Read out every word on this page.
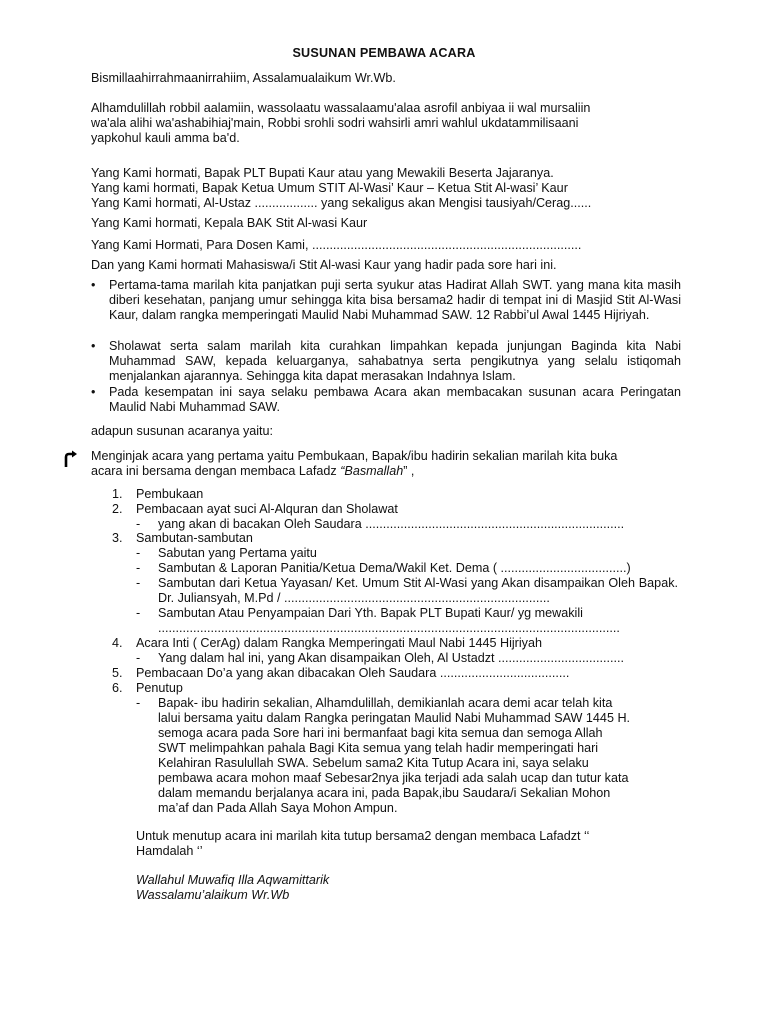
SUSUNAN PEMBAWA ACARA
Bismillaahirrahmaanirrahiim, Assalamualaikum Wr.Wb.
Alhamdulillah robbil aalamiin, wassolaatu wassalaamu'alaa asrofil anbiyaa ii wal mursaliin
wa'ala alihi wa'ashabihiaj'main, Robbi srohli sodri wahsirli amri wahlul ukdatammilisaani
yapkohul kauli amma ba'd.
Yang Kami hormati, Bapak PLT Bupati Kaur atau yang Mewakili Beserta Jajaranya.
Yang kami hormati, Bapak Ketua Umum STIT Al-Wasi’ Kaur – Ketua Stit Al-wasi’ Kaur
Yang Kami hormati, Al-Ustaz .................. yang sekaligus akan Mengisi tausiyah/Cerag......
Yang Kami hormati, Kepala BAK Stit Al-wasi Kaur
Yang Kami Hormati, Para Dosen Kami, .............................................................................
Dan yang Kami hormati Mahasiswa/i Stit Al-wasi Kaur yang hadir pada sore hari ini.
• Pertama-tama marilah kita panjatkan puji serta syukur atas Hadirat Allah SWT. yang mana kita masih diberi kesehatan, panjang umur sehingga kita bisa bersama2 hadir di tempat ini di Masjid Stit Al-Wasi Kaur, dalam rangka memperingati Maulid Nabi Muhammad SAW. 12 Rabbi’ul Awal 1445 Hijriyah.
• Sholawat serta salam marilah kita curahkan limpahkan kepada junjungan Baginda kita Nabi Muhammad SAW, kepada keluarganya, sahabatnya serta pengikutnya yang selalu istiqomah menjalankan ajarannya. Sehingga kita dapat merasakan Indahnya Islam.
• Pada kesempatan ini saya selaku pembawa Acara akan membacakan susunan acara Peringatan Maulid Nabi Muhammad SAW.
adapun susunan acaranya yaitu:
Menginjak acara yang pertama yaitu Pembukaan, Bapak/ibu hadirin sekalian marilah kita buka
acara ini bersama dengan membaca Lafadz “Basmallah” ,
1. Pembukaan
2. Pembacaan ayat suci Al-Alquran dan Sholawat
- yang akan di bacakan Oleh Saudara ..........................................................................
3. Sambutan-sambutan
- Sabutan yang Pertama yaitu
- Sambutan & Laporan Panitia/Ketua Dema/Wakil Ket. Dema ( ....................................)
- Sambutan dari Ketua Yayasan/ Ket. Umum Stit Al-Wasi yang Akan disampaikan Oleh Bapak. Dr. Juliansyah, M.Pd / ............................................................................
- Sambutan Atau Penyampaian Dari Yth. Bapak PLT Bupati Kaur/ yg mewakili
....................................................................................................................................
4. Acara Inti ( CerAg) dalam Rangka Memperingati Maul Nabi 1445 Hijriyah
- Yang dalam hal ini, yang Akan disampaikan Oleh, Al Ustadzt ....................................
5. Pembacaan Do’a yang akan dibacakan Oleh Saudara .....................................
6. Penutup
- Bapak- ibu hadirin sekalian, Alhamdulillah, demikianlah acara demi acar telah kita
lalui bersama yaitu dalam Rangka peringatan Maulid Nabi Muhammad SAW 1445 H.
semoga acara pada Sore hari ini bermanfaat bagi kita semua dan semoga Allah
SWT melimpahkan pahala Bagi Kita semua yang telah hadir memperingati hari
Kelahiran Rasulullah SWA. Sebelum sama2 Kita Tutup Acara ini, saya selaku
pembawa acara mohon maaf Sebesar2nya jika terjadi ada salah ucap dan tutur kata
dalam memandu berjalanya acara ini, pada Bapak,ibu Saudara/i Sekalian Mohon
ma’af dan Pada Allah Saya Mohon Ampun.
Untuk menutup acara ini marilah kita tutup bersama2 dengan membaca Lafadzt ‘‘
Hamdalah ‘’
Wallahul Muwafiq Illa Aqwamittarik
Wassalamu’alaikum Wr.Wb
